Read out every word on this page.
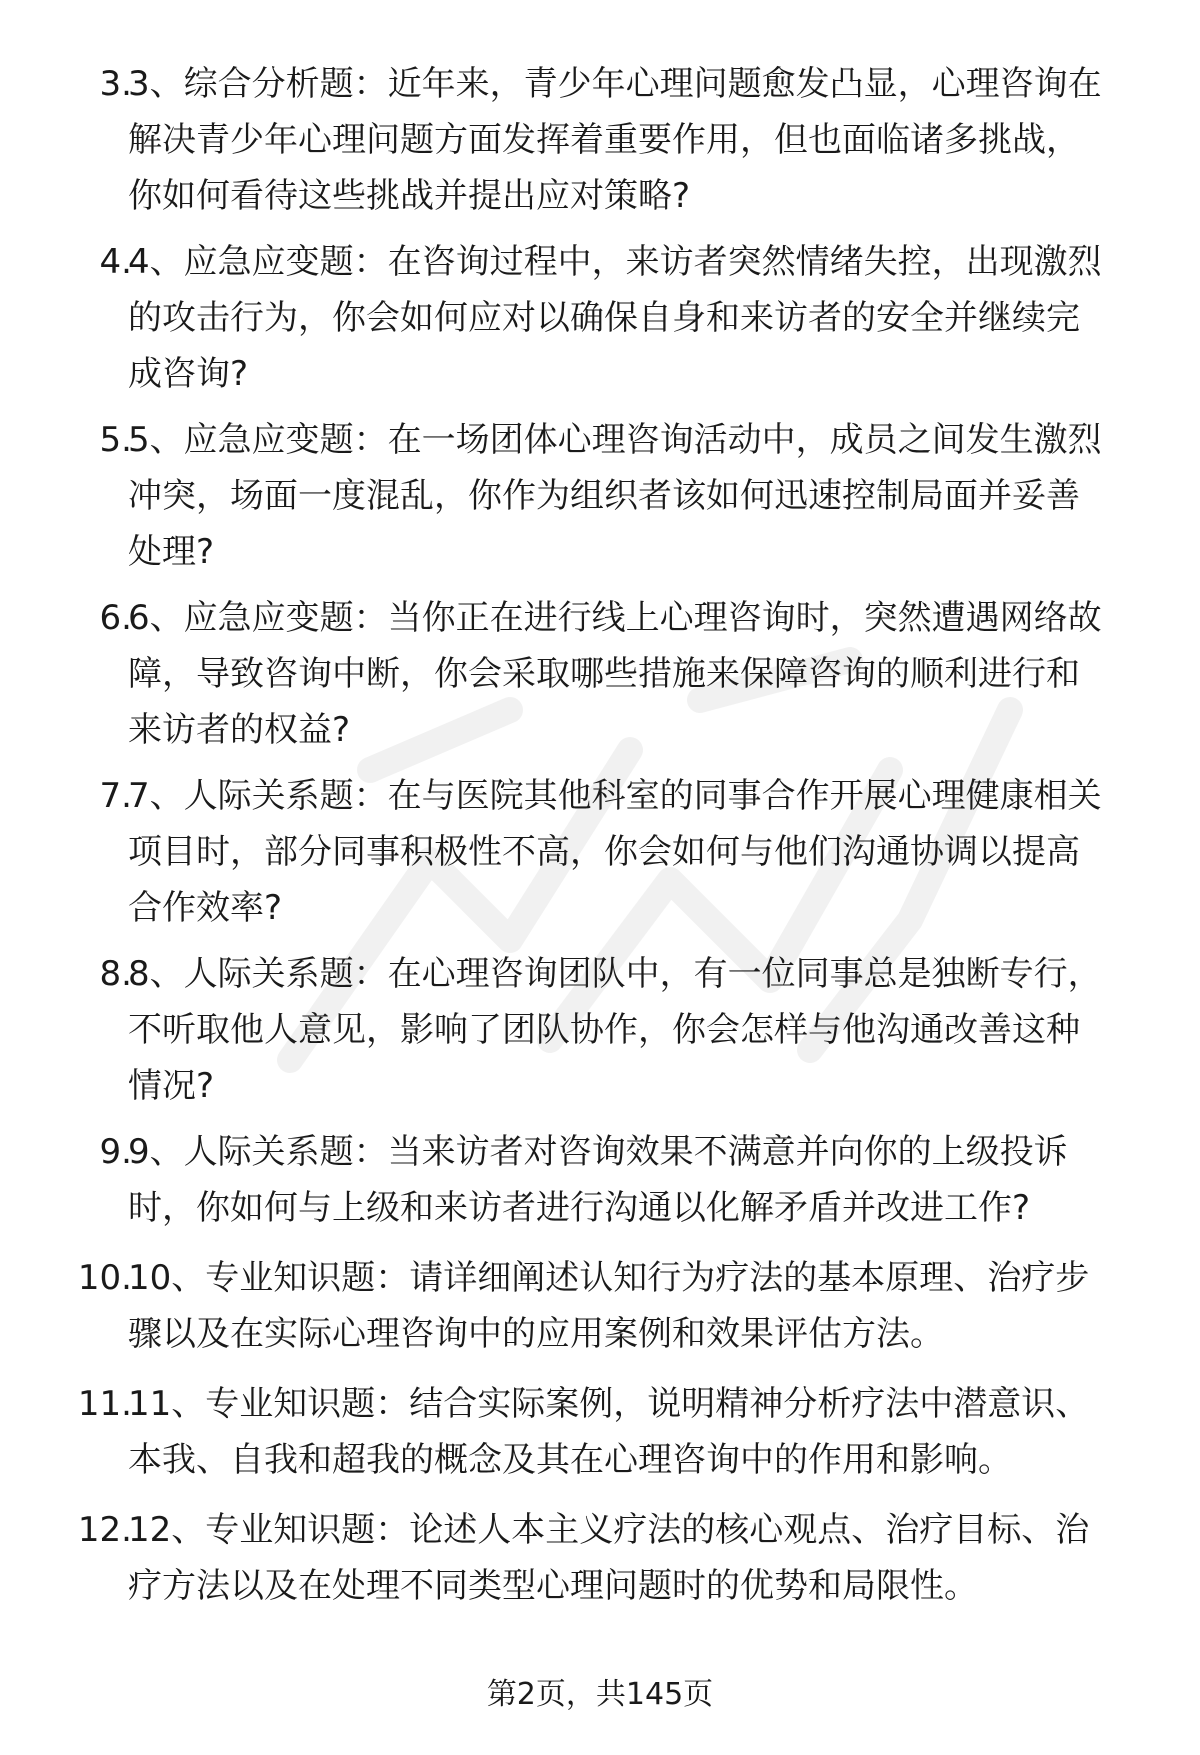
3.
3、综合分析题：近年来，青少年心理问题愈发凸显，心理咨询在
解决青少年心理问题方面发挥着重要作用，但也面临诸多挑战，
你如何看待这些挑战并提出应对策略?
4.
4、应急应变题：在咨询过程中，来访者突然情绪失控，出现激烈
的攻击行为，你会如何应对以确保自身和来访者的安全并继续完
成咨询?
5.
5、应急应变题：在一场团体心理咨询活动中，成员之间发生激烈
冲突，场面一度混乱，你作为组织者该如何迅速控制局面并妥善
处理?
6.
6、应急应变题：当你正在进行线上心理咨询时，突然遭遇网络故
障，导致咨询中断，你会采取哪些措施来保障咨询的顺利进行和
来访者的权益?
7.
7、人际关系题：在与医院其他科室的同事合作开展心理健康相关
项目时，部分同事积极性不高，你会如何与他们沟通协调以提高
合作效率?
8.
8、人际关系题：在心理咨询团队中，有一位同事总是独断专行，
不听取他人意见，影响了团队协作，你会怎样与他沟通改善这种
情况?
9.
9、人际关系题：当来访者对咨询效果不满意并向你的上级投诉
时，你如何与上级和来访者进行沟通以化解矛盾并改进工作?
10.
10、专业知识题：请详细阐述认知行为疗法的基本原理、治疗步
骤以及在实际心理咨询中的应用案例和效果评估方法。
11.
11、专业知识题：结合实际案例，说明精神分析疗法中潜意识、
本我、自我和超我的概念及其在心理咨询中的作用和影响。
12.
12、专业知识题：论述人本主义疗法的核心观点、治疗目标、治
疗方法以及在处理不同类型心理问题时的优势和局限性。
第2页，共145页
